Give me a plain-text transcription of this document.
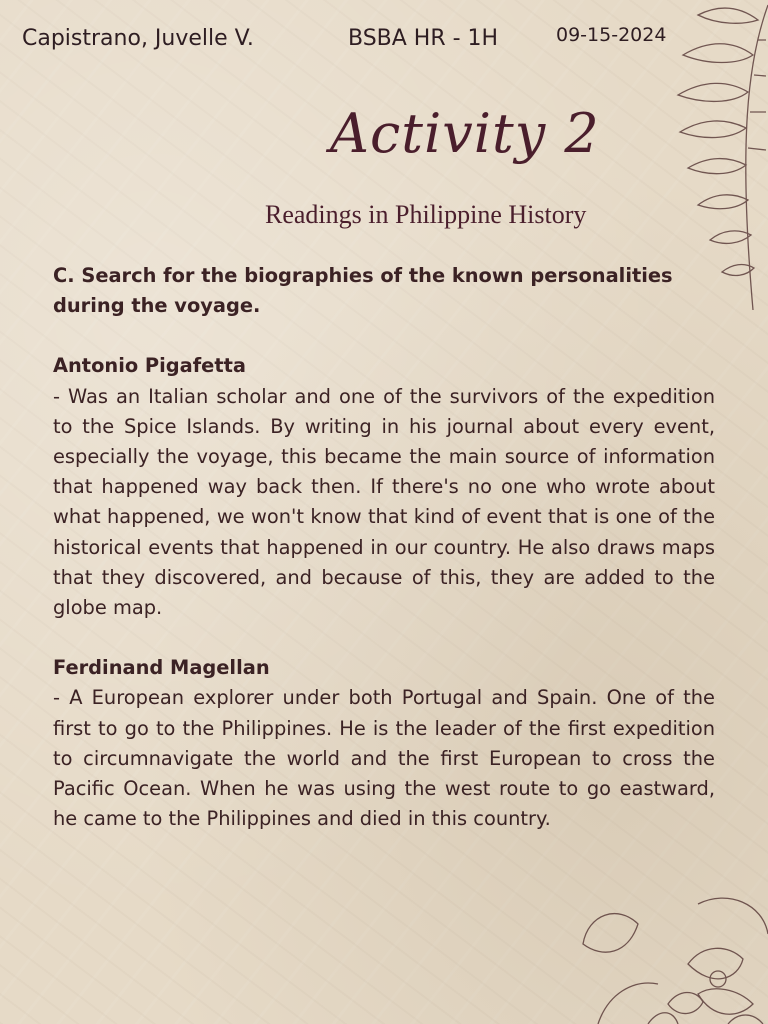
Capistrano, Juvelle V.	BSBA HR - 1H	09-15-2024
Activity 2
Readings in Philippine History
C. Search for the biographies of the known personalities
during the voyage.
Antonio Pigafetta
- Was an Italian scholar and one of the survivors of the expedition to the Spice Islands. By writing in his journal about every event, especially the voyage, this became the main source of information that happened way back then. If there's no one who wrote about what happened, we won't know that kind of event that is one of the historical events that happened in our country. He also draws maps that they discovered, and because of this, they are added to the globe map.
Ferdinand Magellan
- A European explorer under both Portugal and Spain. One of the first to go to the Philippines. He is the leader of the first expedition to circumnavigate the world and the first European to cross the Pacific Ocean. When he was using the west route to go eastward, he came to the Philippines and died in this country.
